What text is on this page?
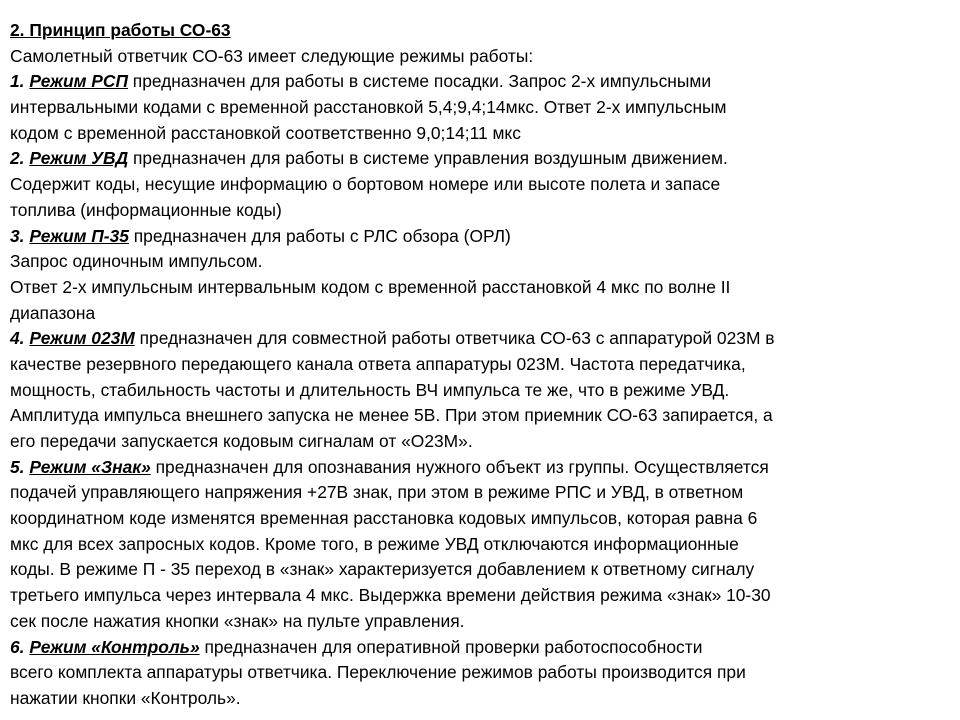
2. Принцип работы СО-63
Самолетный ответчик СО-63 имеет следующие режимы работы:
1. Режим РСП предназначен для работы в системе посадки. Запрос 2-х импульсными
интервальными кодами с временной расстановкой 5,4;9,4;14мкс. Ответ 2-х импульсным
кодом с временной расстановкой соответственно 9,0;14;11 мкс
2. Режим УВД предназначен для работы в системе управления воздушным движением.
Содержит коды, несущие информацию о бортовом номере или высоте полета и запасе
топлива (информационные коды)
3. Режим П-35 предназначен для работы с РЛС обзора (ОРЛ)
Запрос одиночным импульсом.
Ответ 2-х импульсным интервальным кодом с временной расстановкой 4 мкс по волне II
диапазона
4. Режим 023М предназначен для совместной работы ответчика СО-63 с аппаратурой 023М в
качестве резервного передающего канала ответа аппаратуры 023М. Частота передатчика,
мощность, стабильность частоты и длительность ВЧ импульса те же, что в режиме УВД.
Амплитуда импульса внешнего запуска не менее 5В. При этом приемник СО-63 запирается, а
его передачи запускается кодовым сигналам от «О23М».
5. Режим «Знак» предназначен для опознавания нужного объект из группы. Осуществляется
подачей управляющего напряжения +27В знак, при этом в режиме РПС и УВД, в ответном
координатном коде изменятся временная расстановка кодовых импульсов, которая равна 6
мкс для всех запросных кодов. Кроме того, в режиме УВД отключаются информационные
коды. В режиме П - 35 переход в «знак» характеризуется добавлением к ответному сигналу
третьего импульса через интервала 4 мкс. Выдержка времени действия режима «знак» 10-30
сек после нажатия кнопки «знак» на пульте управления.
6. Режим «Контроль» предназначен для оперативной проверки работоспособности
всего комплекта аппаратуры ответчика. Переключение режимов работы производится при
нажатии кнопки «Контроль».
